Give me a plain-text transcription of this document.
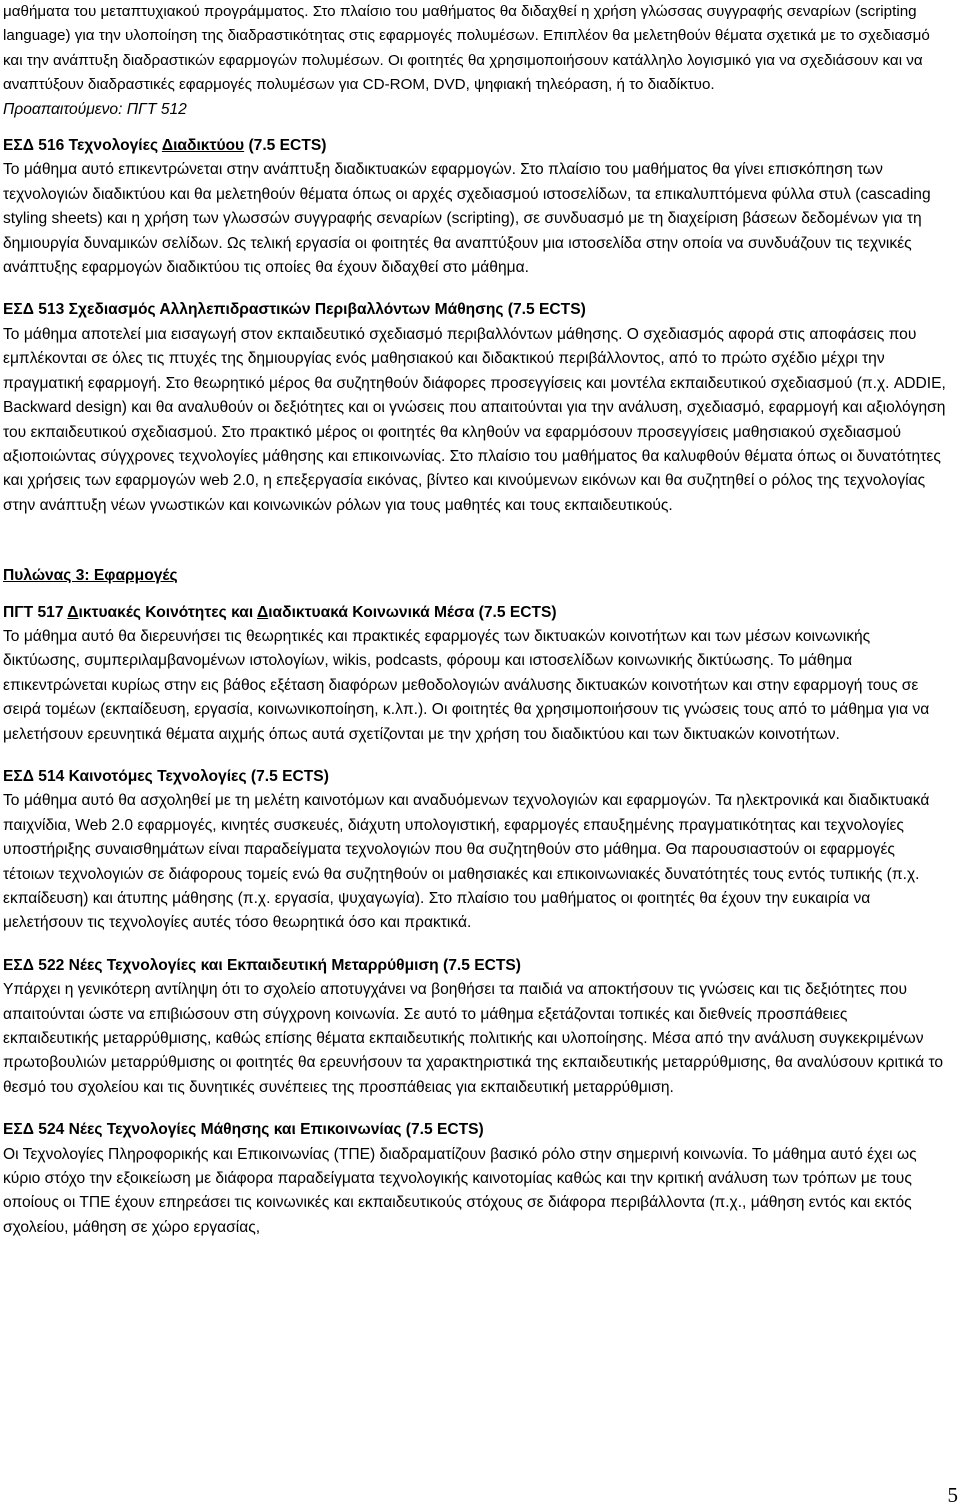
μαθήματα του μεταπτυχιακού προγράμματος. Στο πλαίσιο του μαθήματος θα διδαχθεί η χρήση γλώσσας συγγραφής σεναρίων (scripting language) για την υλοποίηση της διαδραστικότητας στις εφαρμογές πολυμέσων. Επιπλέον θα μελετηθούν θέματα σχετικά με το σχεδιασμό και την ανάπτυξη διαδραστικών εφαρμογών πολυμέσων. Οι φοιτητές θα χρησιμοποιήσουν κατάλληλο λογισμικό για να σχεδιάσουν και να αναπτύξουν διαδραστικές εφαρμογές πολυμέσων για CD-ROM, DVD, ψηφιακή τηλεόραση, ή το διαδίκτυο.

Προαπαιτούμενο: ΠΓΤ 512

ΕΣΔ 516 Τεχνολογίες Διαδικτύου (7.5 ECTS)

Το μάθημα αυτό επικεντρώνεται στην ανάπτυξη διαδικτυακών εφαρμογών. Στο πλαίσιο του μαθήματος θα γίνει επισκόπηση των τεχνολογιών διαδικτύου και θα μελετηθούν θέματα όπως οι αρχές σχεδιασμού ιστοσελίδων, τα επικαλυπτόμενα φύλλα στυλ (cascading styling sheets) και η χρήση των γλωσσών συγγραφής σεναρίων (scripting), σε συνδυασμό με τη διαχείριση βάσεων δεδομένων για τη δημιουργία δυναμικών σελίδων. Ως τελική εργασία οι φοιτητές θα αναπτύξουν μια ιστοσελίδα στην οποία να συνδυάζουν τις τεχνικές ανάπτυξης εφαρμογών διαδικτύου τις οποίες θα έχουν διδαχθεί στο μάθημα.

ΕΣΔ 513 Σχεδιασμός Αλληλεπιδραστικών Περιβαλλόντων Μάθησης (7.5 ECTS)

Το μάθημα αποτελεί μια εισαγωγή στον εκπαιδευτικό σχεδιασμό περιβαλλόντων μάθησης. Ο σχεδιασμός αφορά στις αποφάσεις που εμπλέκονται σε όλες τις πτυχές της δημιουργίας ενός μαθησιακού και διδακτικού περιβάλλοντος, από το πρώτο σχέδιο μέχρι την πραγματική εφαρμογή. Στο θεωρητικό μέρος θα συζητηθούν διάφορες προσεγγίσεις και μοντέλα εκπαιδευτικού σχεδιασμού (π.χ. ADDIE, Backward design) και θα αναλυθούν οι δεξιότητες και οι γνώσεις που απαιτούνται για την ανάλυση, σχεδιασμό, εφαρμογή και αξιολόγηση του εκπαιδευτικού σχεδιασμού. Στο πρακτικό μέρος οι φοιτητές θα κληθούν να εφαρμόσουν προσεγγίσεις μαθησιακού σχεδιασμού αξιοποιώντας σύγχρονες τεχνολογίες μάθησης και επικοινωνίας. Στο πλαίσιο του μαθήματος θα καλυφθούν θέματα όπως οι δυνατότητες και χρήσεις των εφαρμογών web 2.0, η επεξεργασία εικόνας, βίντεο και κινούμενων εικόνων και θα συζητηθεί ο ρόλος της τεχνολογίας στην ανάπτυξη νέων γνωστικών και κοινωνικών ρόλων για τους μαθητές και τους εκπαιδευτικούς.

Πυλώνας 3: Εφαρμογές

ΠΓΤ 517 Δικτυακές Κοινότητες και Διαδικτυακά Κοινωνικά Μέσα (7.5 ECTS)

Το μάθημα αυτό θα διερευνήσει τις θεωρητικές και πρακτικές εφαρμογές των δικτυακών κοινοτήτων και των μέσων κοινωνικής δικτύωσης, συμπεριλαμβανομένων ιστολογίων, wikis, podcasts, φόρουμ και ιστοσελίδων κοινωνικής δικτύωσης. Το μάθημα επικεντρώνεται κυρίως στην εις βάθος εξέταση διαφόρων μεθοδολογιών ανάλυσης δικτυακών κοινοτήτων και στην εφαρμογή τους σε σειρά τομέων (εκπαίδευση, εργασία, κοινωνικοποίηση, κ.λπ.). Οι φοιτητές θα χρησιμοποιήσουν τις γνώσεις τους από το μάθημα για να μελετήσουν ερευνητικά θέματα αιχμής όπως αυτά σχετίζονται με την χρήση του διαδικτύου και των δικτυακών κοινοτήτων.

ΕΣΔ 514 Καινοτόμες Τεχνολογίες (7.5 ECTS)

Το μάθημα αυτό θα ασχοληθεί με τη μελέτη καινοτόμων και αναδυόμενων τεχνολογιών και εφαρμογών. Τα ηλεκτρονικά και διαδικτυακά παιχνίδια, Web 2.0 εφαρμογές, κινητές συσκευές, διάχυτη υπολογιστική, εφαρμογές επαυξημένης πραγματικότητας και τεχνολογίες υποστήριξης συναισθημάτων είναι παραδείγματα τεχνολογιών που θα συζητηθούν στο μάθημα. Θα παρουσιαστούν οι εφαρμογές τέτοιων τεχνολογιών σε διάφορους τομείς ενώ θα συζητηθούν οι μαθησιακές και επικοινωνιακές δυνατότητές τους εντός τυπικής (π.χ. εκπαίδευση) και άτυπης μάθησης (π.χ. εργασία, ψυχαγωγία). Στο πλαίσιο του μαθήματος οι φοιτητές θα έχουν την ευκαιρία να μελετήσουν τις τεχνολογίες αυτές τόσο θεωρητικά όσο και πρακτικά.

ΕΣΔ 522 Νέες Τεχνολογίες και Εκπαιδευτική Μεταρρύθμιση (7.5 ECTS)

Υπάρχει η γενικότερη αντίληψη ότι το σχολείο αποτυγχάνει να βοηθήσει τα παιδιά να αποκτήσουν τις γνώσεις και τις δεξιότητες που απαιτούνται ώστε να επιβιώσουν στη σύγχρονη κοινωνία. Σε αυτό το μάθημα εξετάζονται τοπικές και διεθνείς προσπάθειες εκπαιδευτικής μεταρρύθμισης, καθώς επίσης θέματα εκπαιδευτικής πολιτικής και υλοποίησης. Μέσα από την ανάλυση συγκεκριμένων πρωτοβουλιών μεταρρύθμισης οι φοιτητές θα ερευνήσουν τα χαρακτηριστικά της εκπαιδευτικής μεταρρύθμισης, θα αναλύσουν κριτικά το θεσμό του σχολείου και τις δυνητικές συνέπειες της προσπάθειας για εκπαιδευτική μεταρρύθμιση.

ΕΣΔ 524 Νέες Τεχνολογίες Μάθησης και Επικοινωνίας (7.5 ECTS)

Οι Τεχνολογίες Πληροφορικής και Επικοινωνίας (ΤΠΕ) διαδραματίζουν βασικό ρόλο στην σημερινή κοινωνία. Το μάθημα αυτό έχει ως κύριο στόχο την εξοικείωση με διάφορα παραδείγματα τεχνολογικής καινοτομίας καθώς και την κριτική ανάλυση των τρόπων με τους οποίους οι ΤΠΕ έχουν επηρεάσει τις κοινωνικές και εκπαιδευτικούς στόχους σε διάφορα περιβάλλοντα (π.χ., μάθηση εντός και εκτός σχολείου, μάθηση σε χώρο εργασίας,

5
